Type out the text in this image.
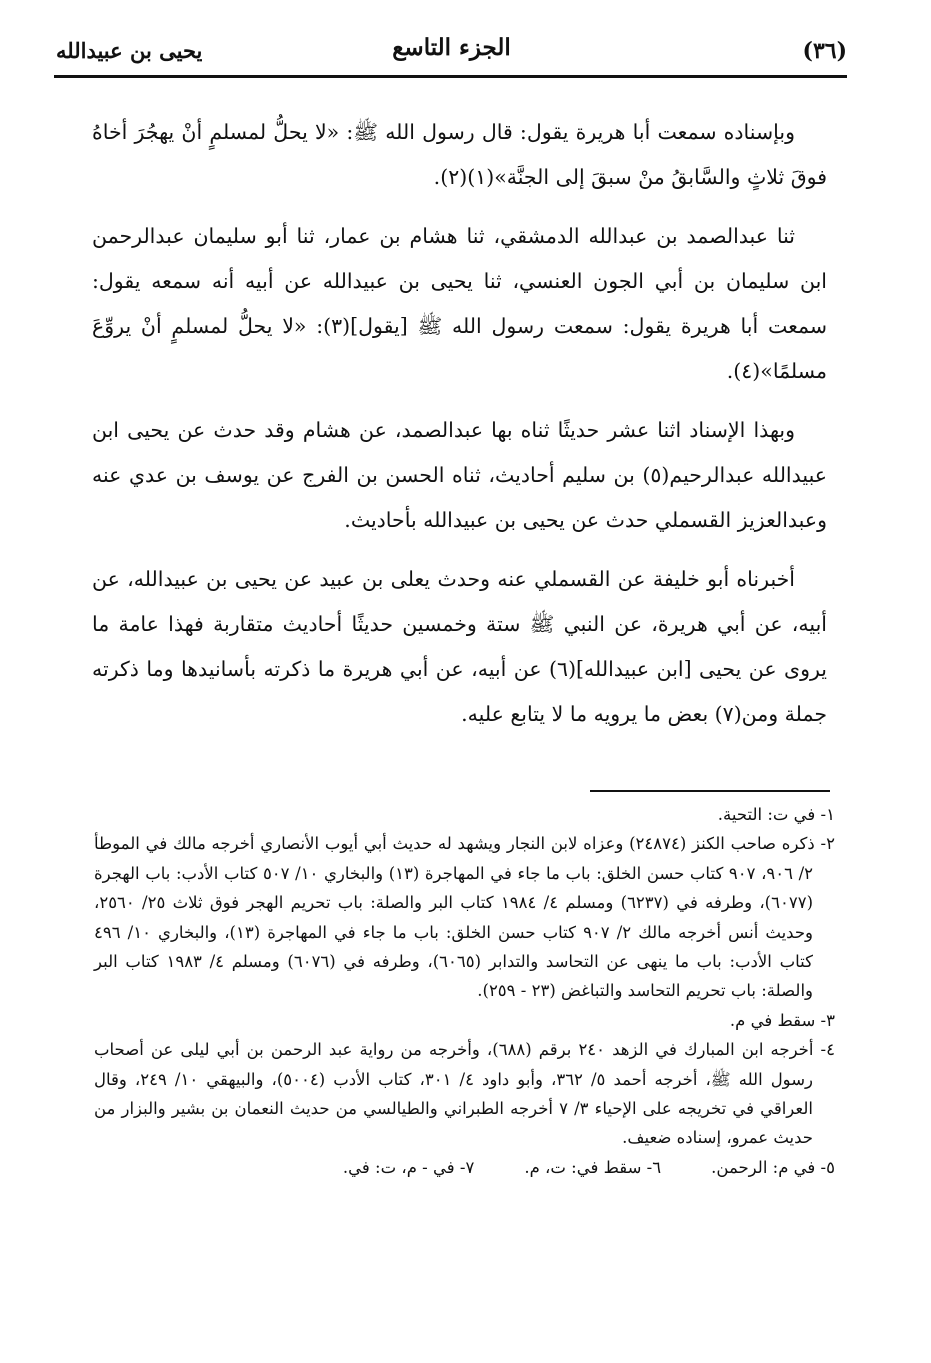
(٣٦)
الجزء التاسع
يحيى بن عبيدالله

وبإسناده سمعت أبا هريرة يقول: قال رسول الله ﷺ: «لا يحلُّ لمسلمٍ أنْ يهجُرَ أخاهُ فوقَ ثلاثٍ والسَّابقُ منْ سبقَ إلى الجنَّة»(١)(٢).

ثنا عبدالصمد بن عبدالله الدمشقي، ثنا هشام بن عمار، ثنا أبو سليمان عبدالرحمن ابن سليمان بن أبي الجون العنسي، ثنا يحيى بن عبيدالله عن أبيه أنه سمعه يقول: سمعت أبا هريرة يقول: سمعت رسول الله ﷺ [يقول](٣): «لا يحلُّ لمسلمٍ أنْ يروِّعَ مسلمًا»(٤).

وبهذا الإسناد اثنا عشر حديثًا ثناه بها عبدالصمد، عن هشام وقد حدث عن يحيى ابن عبيدالله عبدالرحيم(٥) بن سليم أحاديث، ثناه الحسن بن الفرج عن يوسف بن عدي عنه وعبدالعزيز القسملي حدث عن يحيى بن عبيدالله بأحاديث.

أخبرناه أبو خليفة عن القسملي عنه وحدث يعلى بن عبيد عن يحيى بن عبيدالله، عن أبيه، عن أبي هريرة، عن النبي ﷺ ستة وخمسين حديثًا أحاديث متقاربة فهذا عامة ما يروى عن يحيى [ابن عبيدالله](٦) عن أبيه، عن أبي هريرة ما ذكرته بأسانيدها وما ذكرته جملة ومن(٧) بعض ما يرويه ما لا يتابع عليه.

١- في ت: التحية.

٢- ذكره صاحب الكنز (٢٤٨٧٤) وعزاه لابن النجار ويشهد له حديث أبي أيوب الأنصاري أخرجه مالك في الموطأ ٢/ ٩٠٦، ٩٠٧ كتاب حسن الخلق: باب ما جاء في المهاجرة (١٣) والبخاري ١٠/ ٥٠٧ كتاب الأدب: باب الهجرة (٦٠٧٧)، وطرفه في (٦٢٣٧) ومسلم ٤/ ١٩٨٤ كتاب البر والصلة: باب تحريم الهجر فوق ثلاث ٢٥/ ٢٥٦٠، وحديث أنس أخرجه مالك ٢/ ٩٠٧ كتاب حسن الخلق: باب ما جاء في المهاجرة (١٣)، والبخاري ١٠/ ٤٩٦ كتاب الأدب: باب ما ينهى عن التحاسد والتدابر (٦٠٦٥)، وطرفه في (٦٠٧٦) ومسلم ٤/ ١٩٨٣ كتاب البر والصلة: باب تحريم التحاسد والتباغض (٢٣ - ٢٥٩).

٣- سقط في م.

٤- أخرجه ابن المبارك في الزهد ٢٤٠ برقم (٦٨٨)، وأخرجه من رواية عبد الرحمن بن أبي ليلى عن أصحاب رسول الله ﷺ، أخرجه أحمد ٥/ ٣٦٢، وأبو داود ٤/ ٣٠١، كتاب الأدب (٥٠٠٤)، والبيهقي ١٠/ ٢٤٩، وقال العراقي في تخريجه على الإحياء ٣/ ٧ أخرجه الطبراني والطيالسي من حديث النعمان بن بشير والبزار من حديث عمرو، إسناده ضعيف.

٥- في م: الرحمن.
٦- سقط في: ت، م.
٧- في - م، ت: في.
